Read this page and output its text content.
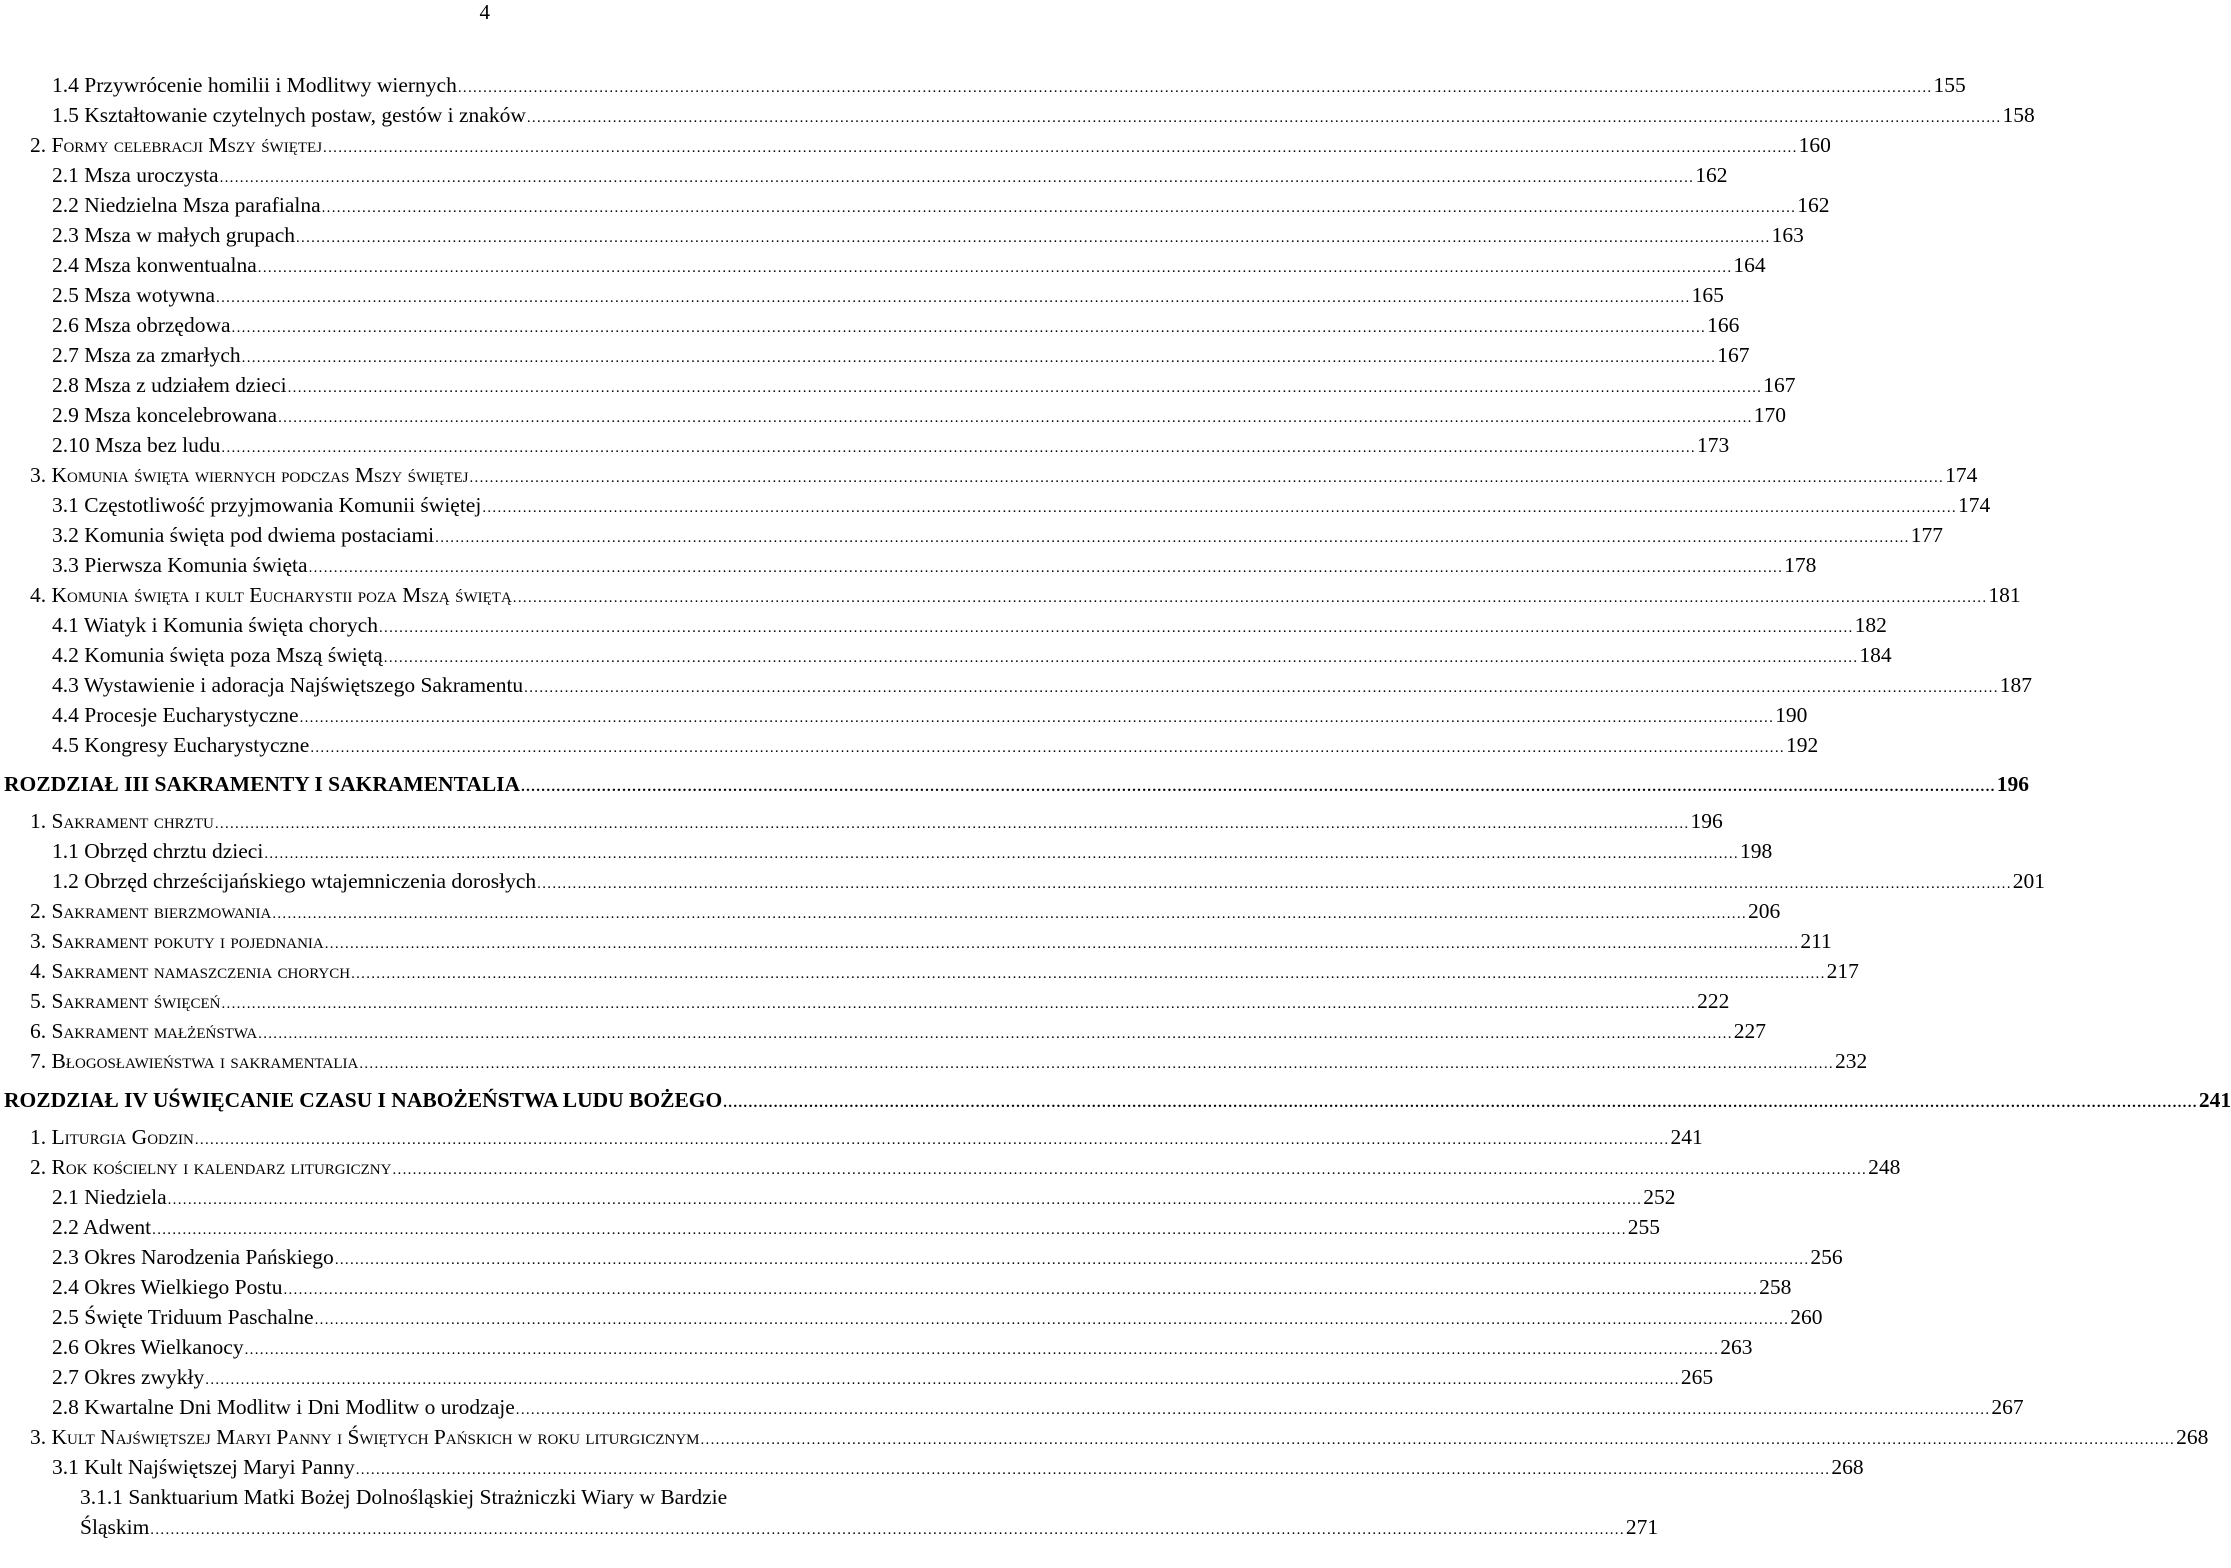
4
1.4 Przywrócenie homilii i Modlitwy wiernych .....	155
1.5 Kształtowanie czytelnych postaw, gestów i znaków .....	158
2. Formy celebracji Mszy świętej .....	160
2.1 Msza uroczysta .....	162
2.2 Niedzielna Msza parafialna .....	162
2.3 Msza w małych grupach .....	163
2.4 Msza konwentualna .....	164
2.5 Msza wotywna .....	165
2.6 Msza obrzędowa .....	166
2.7 Msza za zmarłych .....	167
2.8 Msza z udziałem dzieci .....	167
2.9 Msza koncelebrowana .....	170
2.10 Msza bez ludu .....	173
3. Komunia święta wiernych podczas Mszy świętej .....	174
3.1 Częstotliwość przyjmowania Komunii świętej .....	174
3.2 Komunia święta pod dwiema postaciami .....	177
3.3 Pierwsza Komunia święta .....	178
4. Komunia święta i kult Eucharystii poza Mszą świętą .....	181
4.1 Wiatyk i Komunia święta chorych .....	182
4.2 Komunia święta poza Mszą świętą .....	184
4.3 Wystawienie i adoracja Najświętszego Sakramentu .....	187
4.4 Procesje Eucharystyczne .....	190
4.5 Kongresy Eucharystyczne .....	192
ROZDZIAŁ III SAKRAMENTY I SAKRAMENTALIA .....	196
1. Sakrament chrztu .....	196
1.1 Obrzęd chrztu dzieci .....	198
1.2 Obrzęd chrześcijańskiego wtajemniczenia dorosłych .....	201
2. Sakrament bierzmowania .....	206
3. Sakrament pokuty i pojednania .....	211
4. Sakrament namaszczenia chorych .....	217
5. Sakrament święceń .....	222
6. Sakrament małżeństwa .....	227
7. Błogosławieństwa i sakramentalia .....	232
ROZDZIAŁ IV UŚWIĘCANIE CZASU I NABOŻEŃSTWA LUDU BOŻEGO .....	241
1. Liturgia Godzin .....	241
2. Rok kościelny i kalendarz liturgiczny .....	248
2.1 Niedziela .....	252
2.2 Adwent .....	255
2.3 Okres Narodzenia Pańskiego .....	256
2.4 Okres Wielkiego Postu .....	258
2.5 Święte Triduum Paschalne .....	260
2.6 Okres Wielkanocy .....	263
2.7 Okres zwykły .....	265
2.8 Kwartalne Dni Modlitw i Dni Modlitw o urodzaje .....	267
3. Kult Najświętszej Maryi Panny i Świętych Pańskich w roku liturgicznym .....	268
3.1 Kult Najświętszej Maryi Panny .....	268
3.1.1 Sanktuarium Matki Bożej Dolnośląskiej Strażniczki Wiary w Bardzie
Śląskim .....	271
